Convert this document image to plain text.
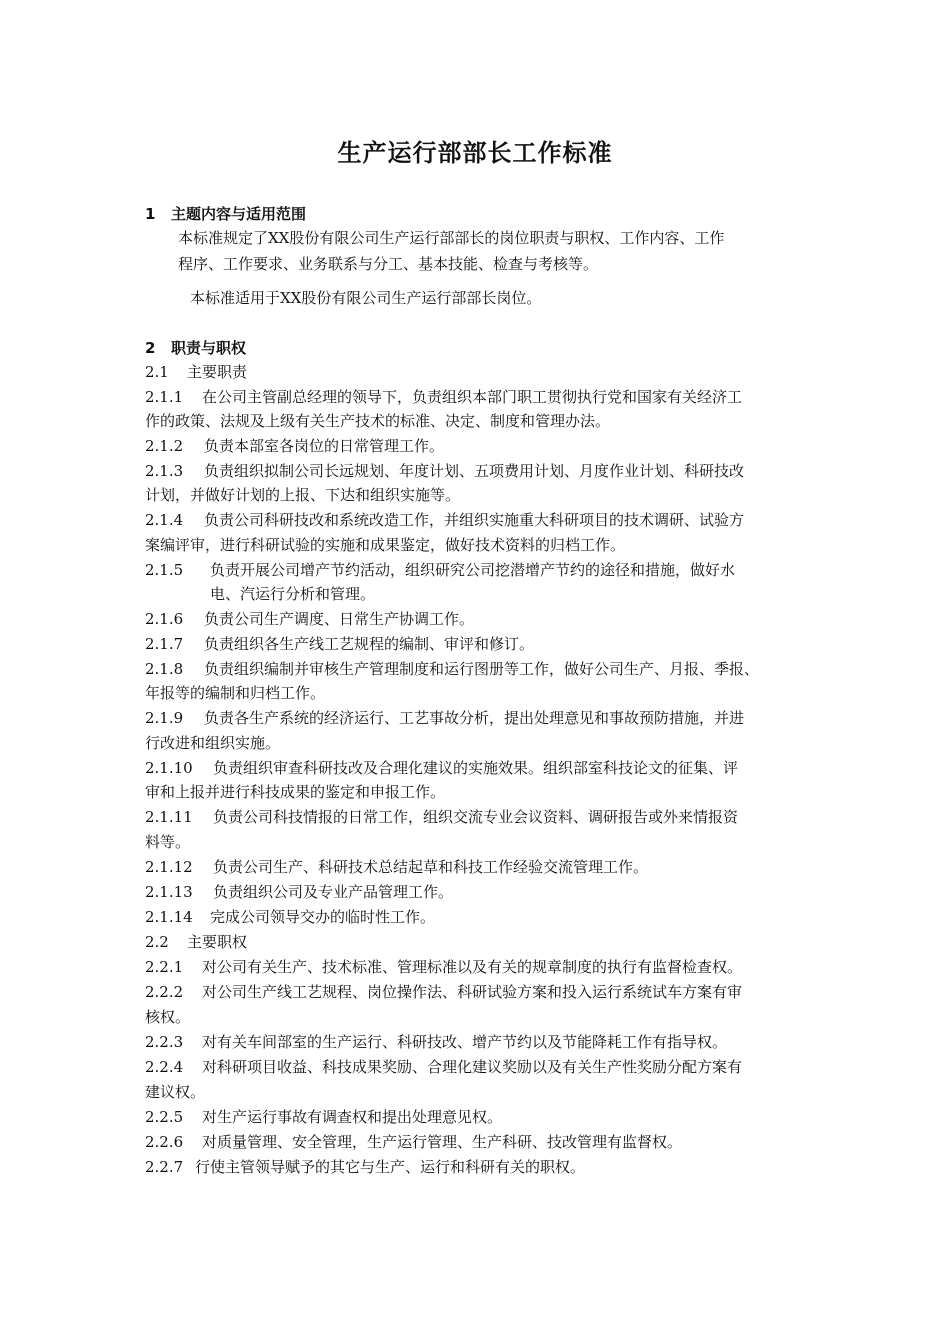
生产运行部部长工作标准
1 主题内容与适用范围
本标准规定了XX股份有限公司生产运行部部长的岗位职责与职权、工作内容、工作
程序、工作要求、业务联系与分工、基本技能、检查与考核等。
本标准适用于XX股份有限公司生产运行部部长岗位。
2 职责与职权
2.1 主要职责
2.1.1 在公司主管副总经理的领导下，负责组织本部门职工贯彻执行党和国家有关经济工
作的政策、法规及上级有关生产技术的标准、决定、制度和管理办法。
2.1.2 负责本部室各岗位的日常管理工作。
2.1.3 负责组织拟制公司长远规划、年度计划、五项费用计划、月度作业计划、科研技改
计划，并做好计划的上报、下达和组织实施等。
2.1.4 负责公司科研技改和系统改造工作，并组织实施重大科研项目的技术调研、试验方
案编评审，进行科研试验的实施和成果鉴定，做好技术资料的归档工作。
2.1.5 负责开展公司增产节约活动，组织研究公司挖潜增产节约的途径和措施，做好水
电、汽运行分析和管理。
2.1.6 负责公司生产调度、日常生产协调工作。
2.1.7 负责组织各生产线工艺规程的编制、审评和修订。
2.1.8 负责组织编制并审核生产管理制度和运行图册等工作，做好公司生产、月报、季报、
年报等的编制和归档工作。
2.1.9 负责各生产系统的经济运行、工艺事故分析，提出处理意见和事故预防措施，并进
行改进和组织实施。
2.1.10 负责组织审查科研技改及合理化建议的实施效果。组织部室科技论文的征集、评
审和上报并进行科技成果的鉴定和申报工作。
2.1.11 负责公司科技情报的日常工作，组织交流专业会议资料、调研报告或外来情报资
料等。
2.1.12 负责公司生产、科研技术总结起草和科技工作经验交流管理工作。
2.1.13 负责组织公司及专业产品管理工作。
2.1.14 完成公司领导交办的临时性工作。
2.2 主要职权
2.2.1 对公司有关生产、技术标准、管理标准以及有关的规章制度的执行有监督检查权。
2.2.2 对公司生产线工艺规程、岗位操作法、科研试验方案和投入运行系统试车方案有审
核权。
2.2.3 对有关车间部室的生产运行、科研技改、增产节约以及节能降耗工作有指导权。
2.2.4 对科研项目收益、科技成果奖励、合理化建议奖励以及有关生产性奖励分配方案有
建议权。
2.2.5 对生产运行事故有调查权和提出处理意见权。
2.2.6 对质量管理、安全管理，生产运行管理、生产科研、技改管理有监督权。
2.2.7 行使主管领导赋予的其它与生产、运行和科研有关的职权。
